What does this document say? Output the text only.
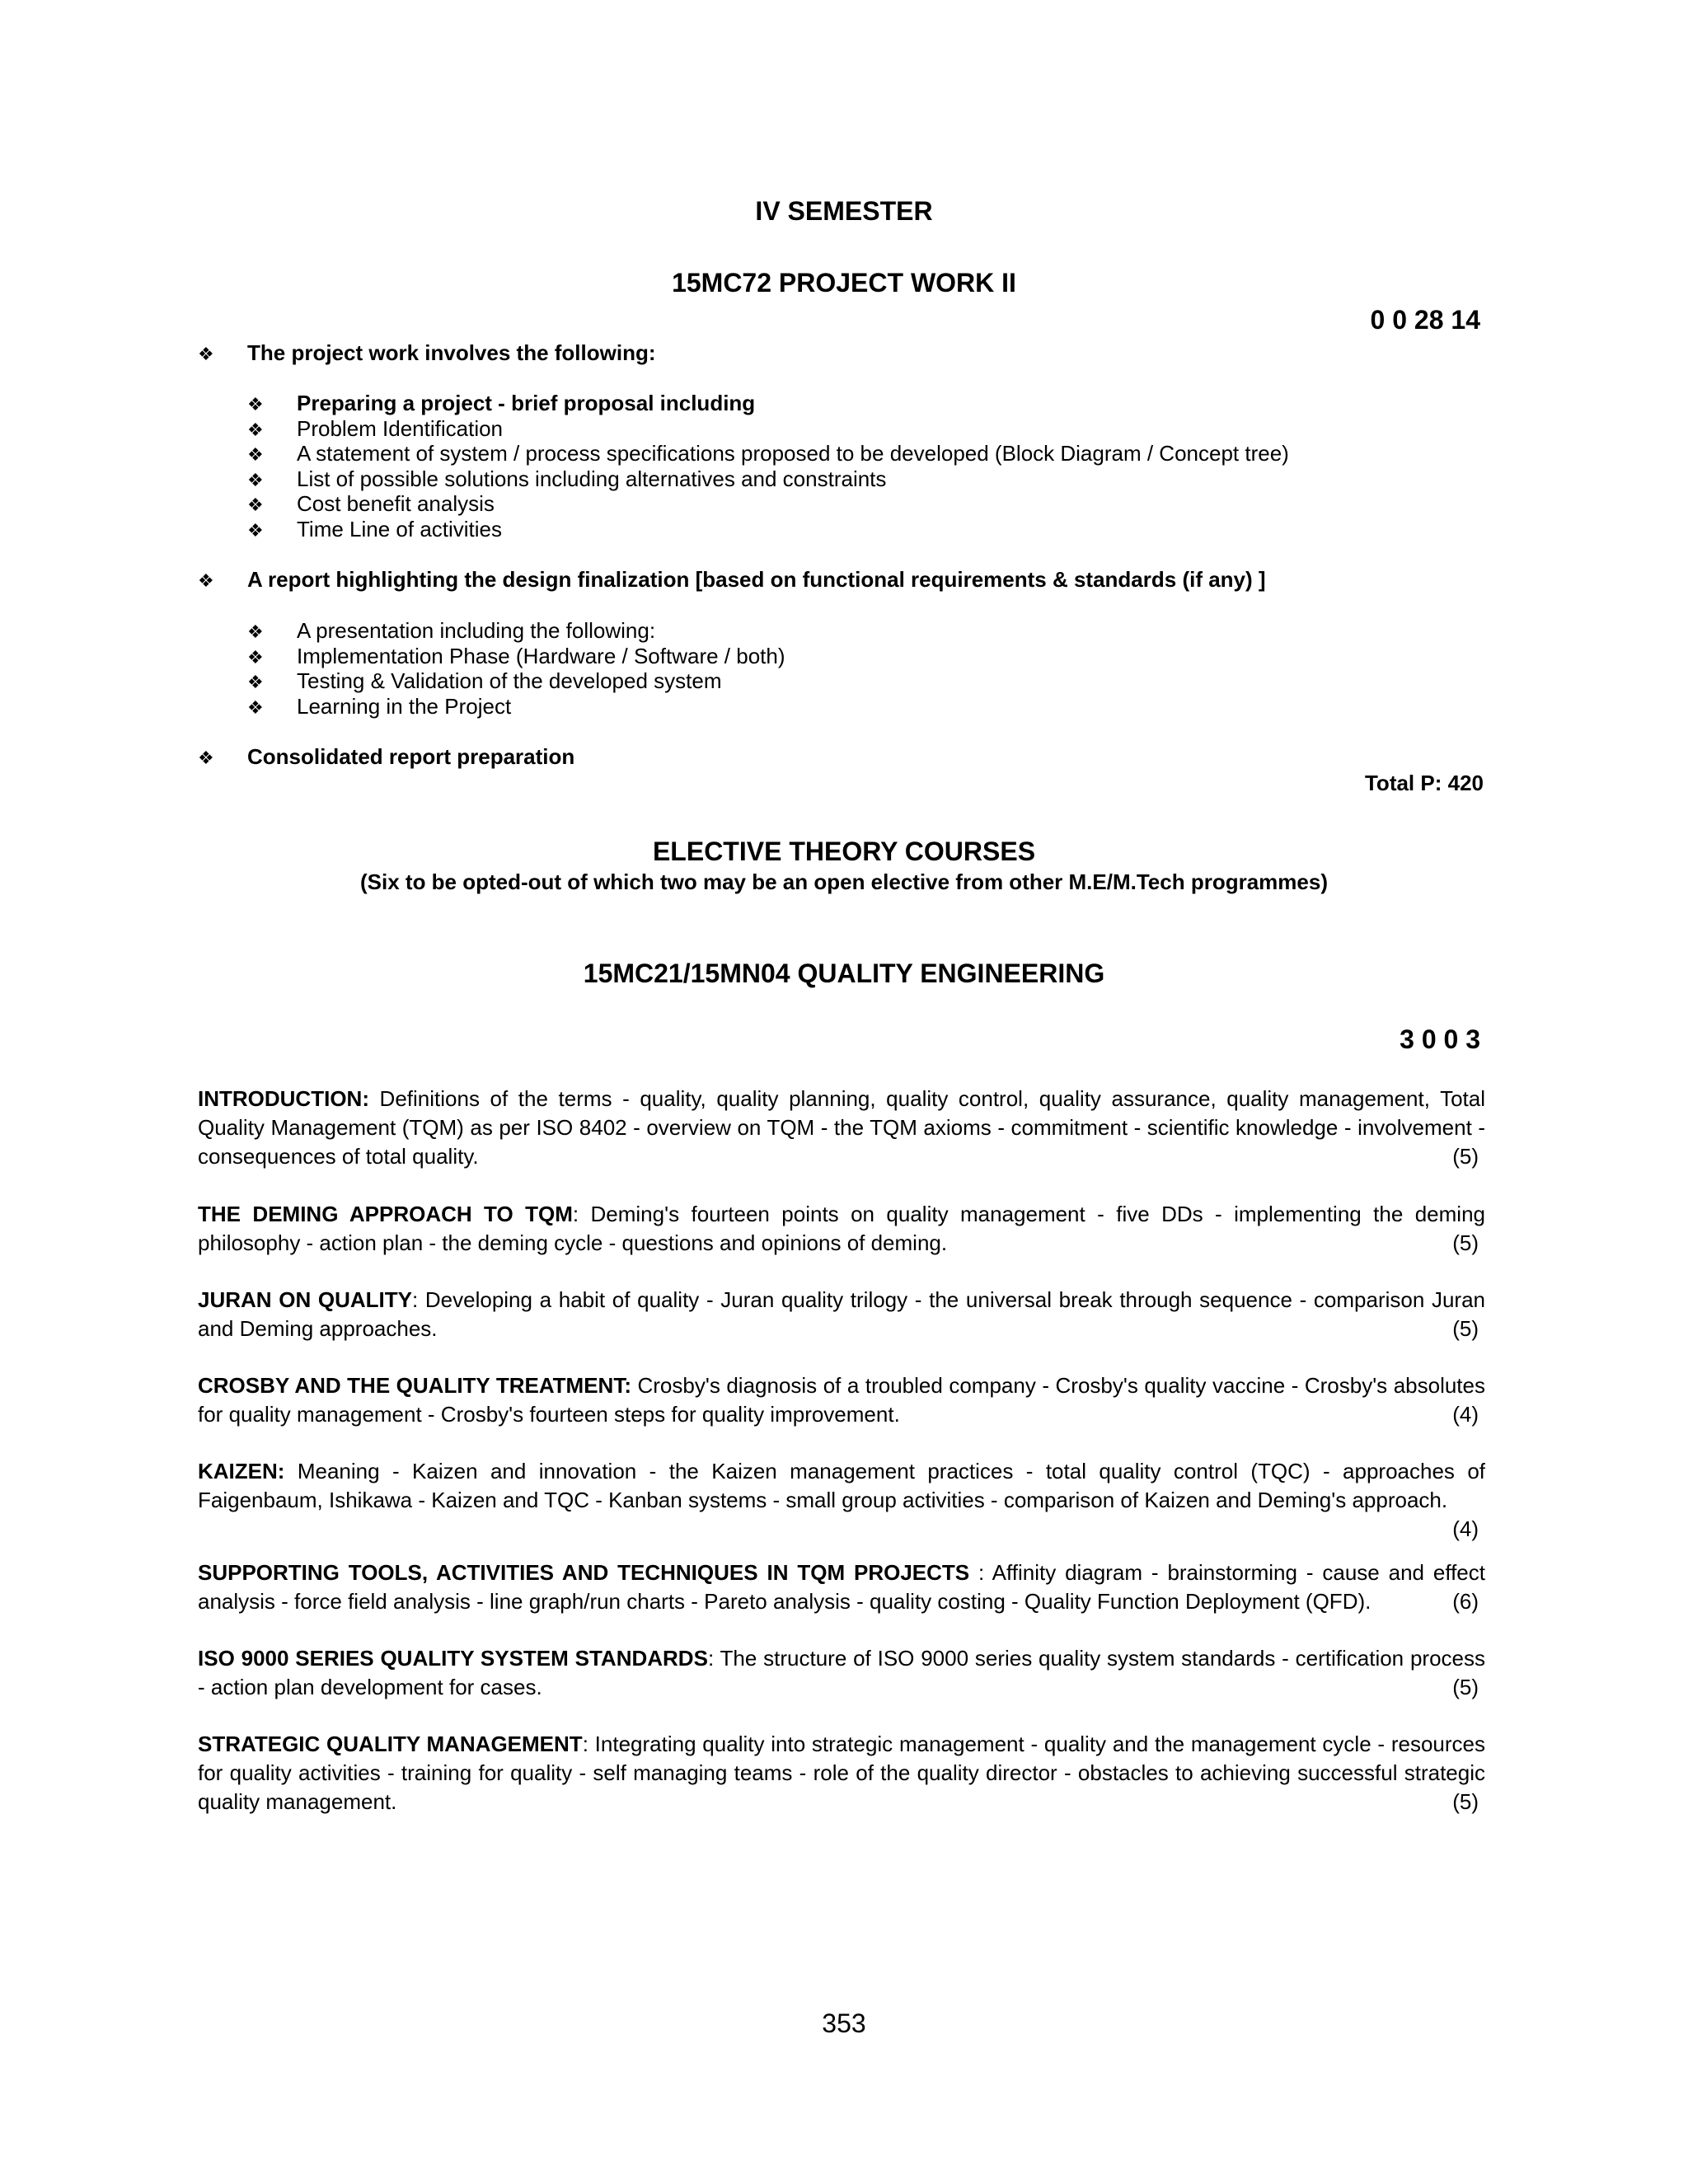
IV SEMESTER
15MC72 PROJECT WORK II
0 0 28 14
❖ The project work involves the following:
❖ Preparing a project - brief proposal including
❖ Problem Identification
❖ A statement of system / process specifications proposed to be developed (Block Diagram / Concept tree)
❖ List of possible solutions including alternatives and constraints
❖ Cost benefit analysis
❖ Time Line of activities
❖ A report highlighting the design finalization [based on functional requirements & standards (if any) ]
❖ A presentation including the following:
❖ Implementation Phase (Hardware / Software / both)
❖ Testing & Validation of the developed system
❖ Learning in the Project
❖ Consolidated report preparation
Total P: 420
ELECTIVE THEORY COURSES
(Six to be opted-out of which two may be an open elective from other M.E/M.Tech programmes)
15MC21/15MN04 QUALITY ENGINEERING
3 0 0 3
INTRODUCTION: Definitions of the terms - quality, quality planning, quality control, quality assurance, quality management, Total Quality Management (TQM) as per ISO 8402 - overview on TQM - the TQM axioms - commitment - scientific knowledge - involvement - consequences of total quality.	(5)
THE DEMING APPROACH TO TQM: Deming's fourteen points on quality management - five DDs - implementing the deming philosophy - action plan - the deming cycle - questions and opinions of deming.	(5)
JURAN ON QUALITY: Developing a habit of quality - Juran quality trilogy - the universal break through sequence - comparison Juran and Deming approaches.	(5)
CROSBY AND THE QUALITY TREATMENT: Crosby's diagnosis of a troubled company - Crosby's quality vaccine - Crosby's absolutes for quality management - Crosby's fourteen steps for quality improvement.	(4)
KAIZEN: Meaning - Kaizen and innovation - the Kaizen management practices - total quality control (TQC) - approaches of Faigenbaum, Ishikawa - Kaizen and TQC - Kanban systems - small group activities - comparison of Kaizen and Deming's approach.
(4)
SUPPORTING TOOLS, ACTIVITIES AND TECHNIQUES IN TQM PROJECTS : Affinity diagram - brainstorming - cause and effect analysis - force field analysis - line graph/run charts - Pareto analysis - quality costing - Quality Function Deployment (QFD).	(6)
ISO 9000 SERIES QUALITY SYSTEM STANDARDS: The structure of ISO 9000 series quality system standards - certification process - action plan development for cases.	(5)
STRATEGIC QUALITY MANAGEMENT: Integrating quality into strategic management - quality and the management cycle - resources for quality activities - training for quality - self managing teams - role of the quality director - obstacles to achieving successful strategic quality management.	(5)
353
